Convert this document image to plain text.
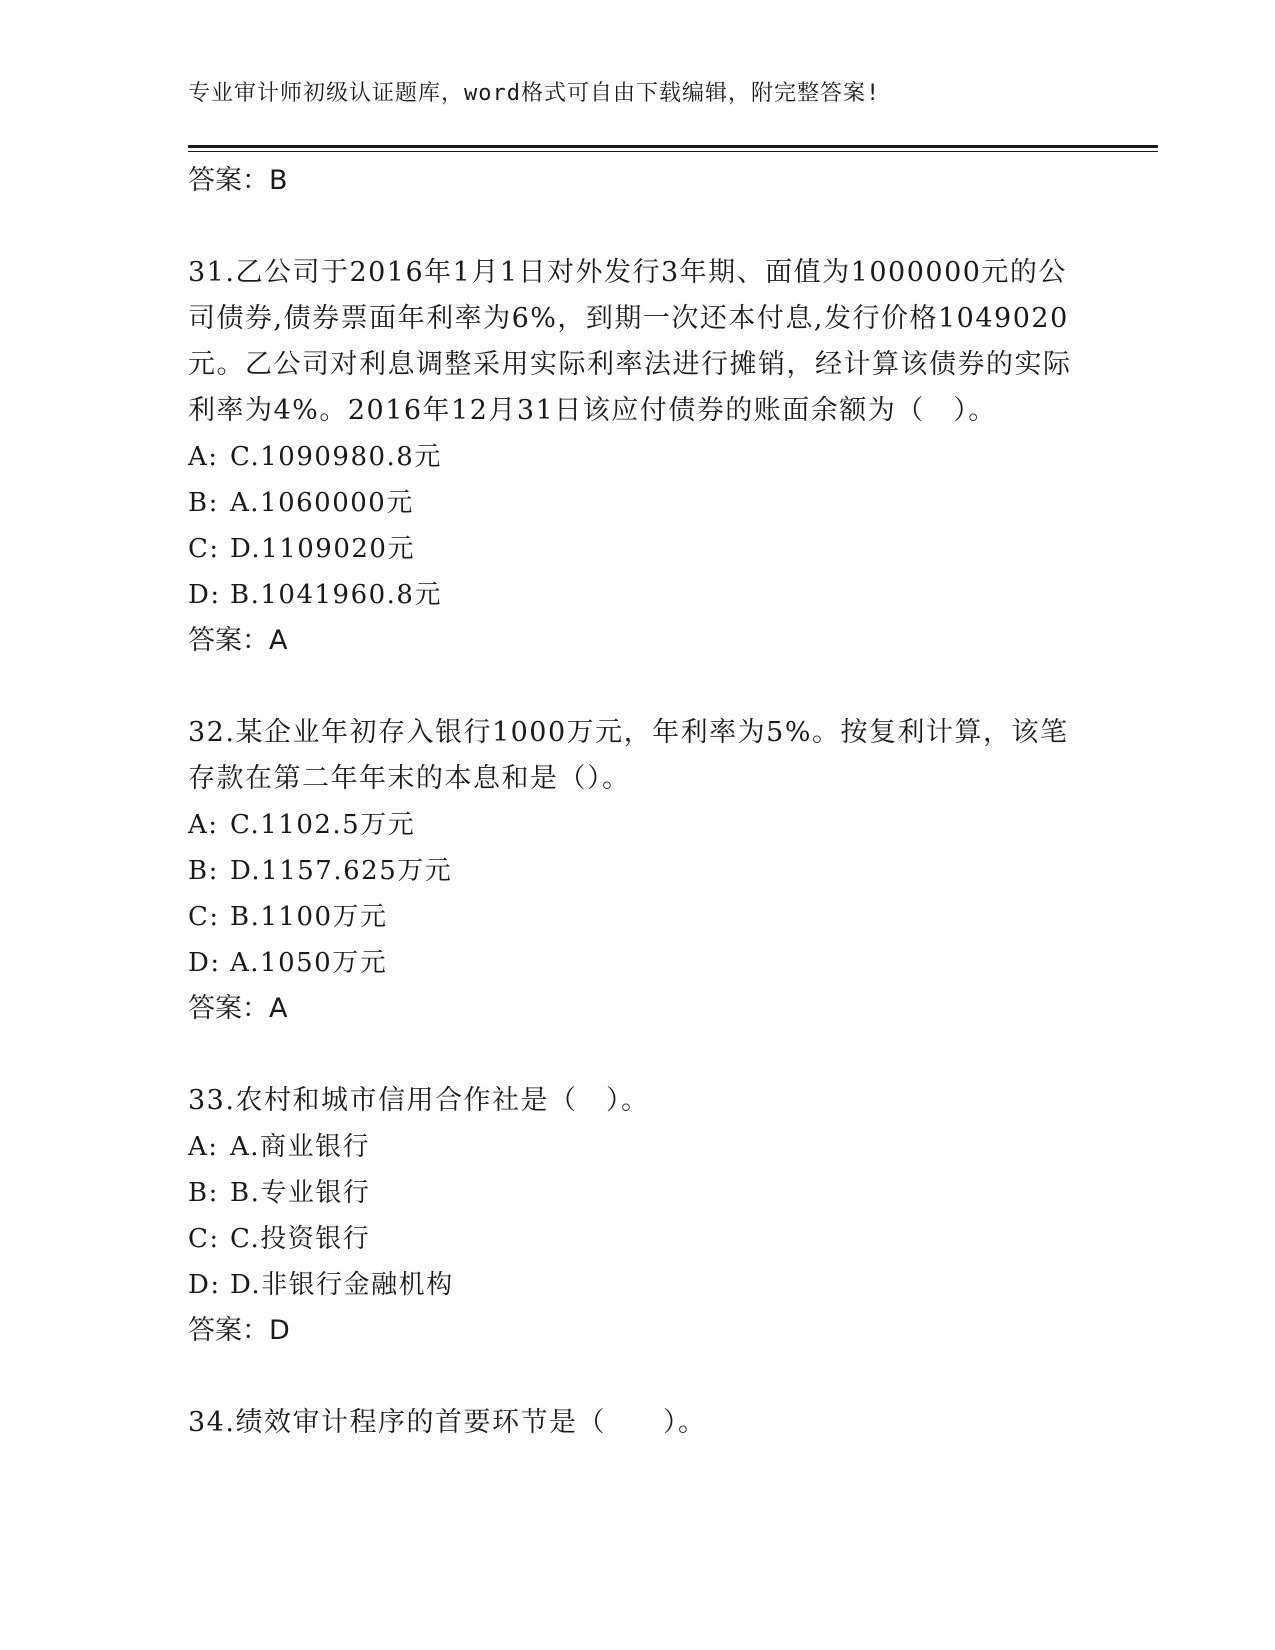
专业审计师初级认证题库，word格式可自由下载编辑，附完整答案!
答案：B

31.乙公司于2016年1月1日对外发行3年期、面值为1000000元的公司债券,债券票面年利率为6%，到期一次还本付息,发行价格1049020元。乙公司对利息调整采用实际利率法进行摊销，经计算该债券的实际利率为4%。2016年12月31日该应付债券的账面余额为（　）。

A: C.1090980.8元
B: A.1060000元
C: D.1109020元
D: B.1041960.8元
答案：A

32.某企业年初存入银行1000万元，年利率为5%。按复利计算，该笔存款在第二年年末的本息和是（）。

A: C.1102.5万元
B: D.1157.625万元
C: B.1100万元
D: A.1050万元
答案：A

33.农村和城市信用合作社是（　）。

A: A.商业银行
B: B.专业银行
C: C.投资银行
D: D.非银行金融机构
答案：D

34.绩效审计程序的首要环节是（　　）。
